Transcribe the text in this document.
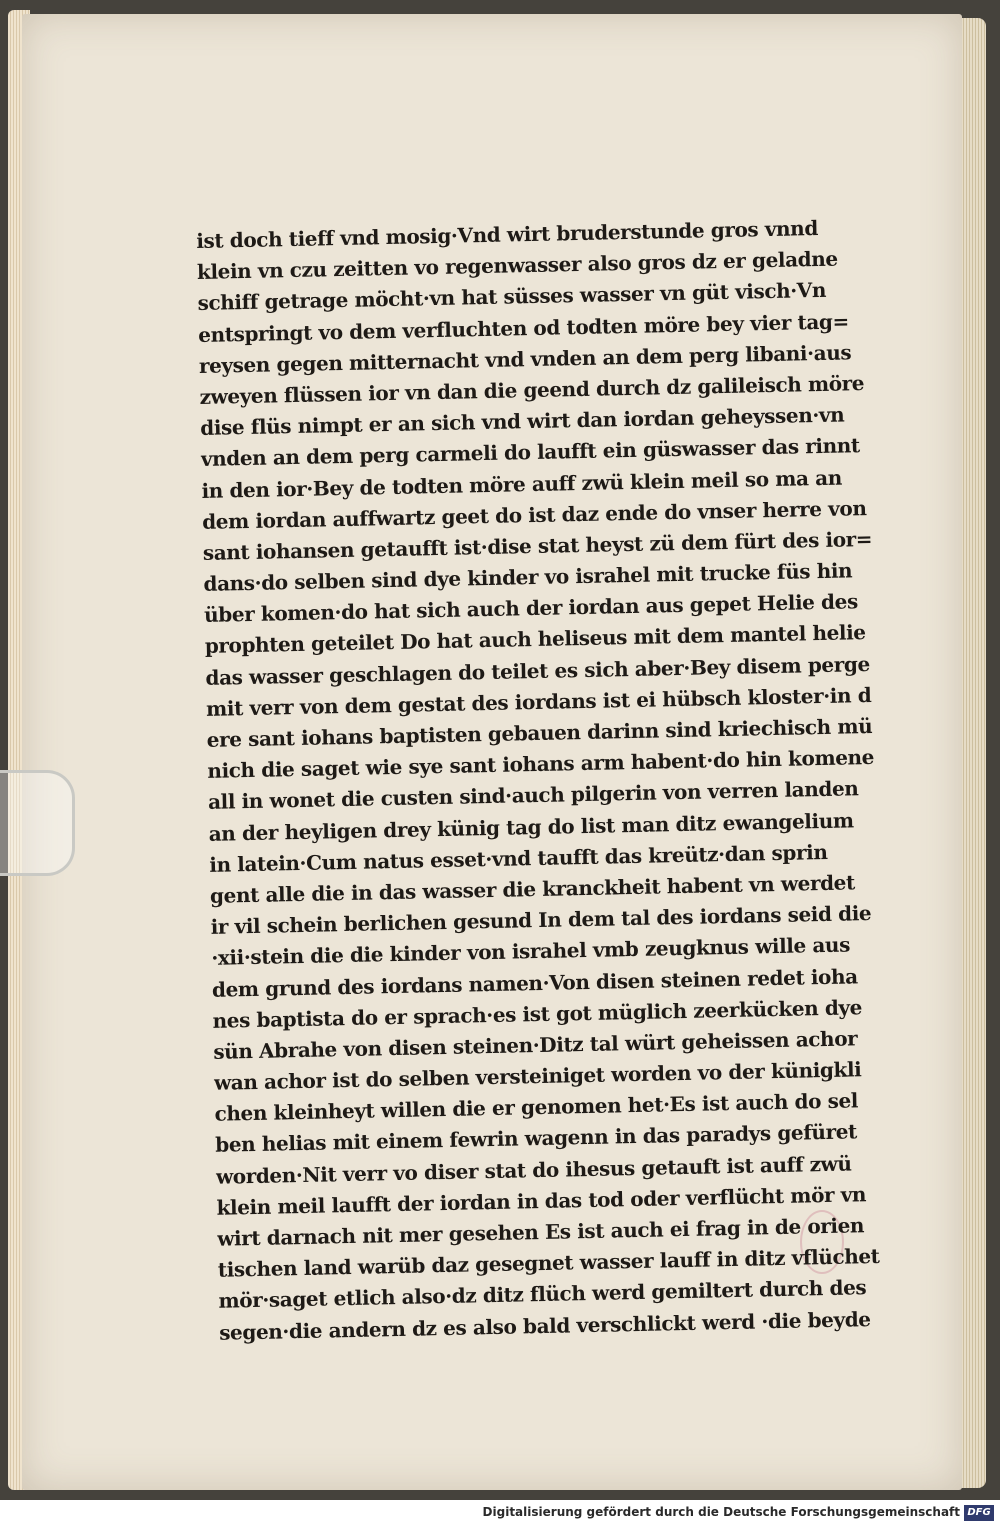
ist doch tieff vnd mosig·Vnd wirt bruderstunde gros vnnd
klein vn czu zeitten vo regenwasser also gros dz er geladne
schiff getrage möcht·vn hat süsses wasser vn güt visch·Vn
entspringt vo dem verfluchten od todten möre bey vier tag=
reysen gegen mitternacht vnd vnden an dem perg libani·aus
zweyen flüssen ior vn dan die geend durch dz galileisch möre
dise flüs nimpt er an sich vnd wirt dan iordan geheyssen·vn
vnden an dem perg carmeli do laufft ein güswasser das rinnt
in den ior·Bey de todten möre auff zwü klein meil so ma an
dem iordan auffwartz geet do ist daz ende do vnser herre von
sant iohansen getaufft ist·dise stat heyst zü dem fürt des ior=
dans·do selben sind dye kinder vo israhel mit trucke füs hin
über komen·do hat sich auch der iordan aus gepet Helie des
prophten geteilet Do hat auch heliseus mit dem mantel helie
das wasser geschlagen do teilet es sich aber·Bey disem perge
mit verr von dem gestat des iordans ist ei hübsch kloster·in d
ere sant iohans baptisten gebauen darinn sind kriechisch mü
nich die saget wie sye sant iohans arm habent·do hin komene
all in wonet die custen sind·auch pilgerin von verren landen
an der heyligen drey künig tag do list man ditz ewangelium
in latein·Cum natus esset·vnd taufft das kreütz·dan sprin
gent alle die in das wasser die kranckheit habent vn werdet
ir vil schein berlichen gesund In dem tal des iordans seid die
·xii·stein die die kinder von israhel vmb zeugknus wille aus
dem grund des iordans namen·Von disen steinen redet ioha
nes baptista do er sprach·es ist got müglich zeerkücken dye
sün Abrahe von disen steinen·Ditz tal würt geheissen achor
wan achor ist do selben versteiniget worden vo der künigkli
chen kleinheyt willen die er genomen het·Es ist auch do sel
ben helias mit einem fewrin wagenn in das paradys gefüret
worden·Nit verr vo diser stat do ihesus getauft ist auff zwü
klein meil laufft der iordan in das tod oder verflücht mör vn
wirt darnach nit mer gesehen Es ist auch ei frag in de orien
tischen land warüb daz gesegnet wasser lauff in ditz vflüchet
mör·saget etlich also·dz ditz flüch werd gemiltert durch des
segen·die andern dz es also bald verschlickt werd ·die beyde
Digitalisierung gefördert durch die Deutsche Forschungsgemeinschaft DFG
